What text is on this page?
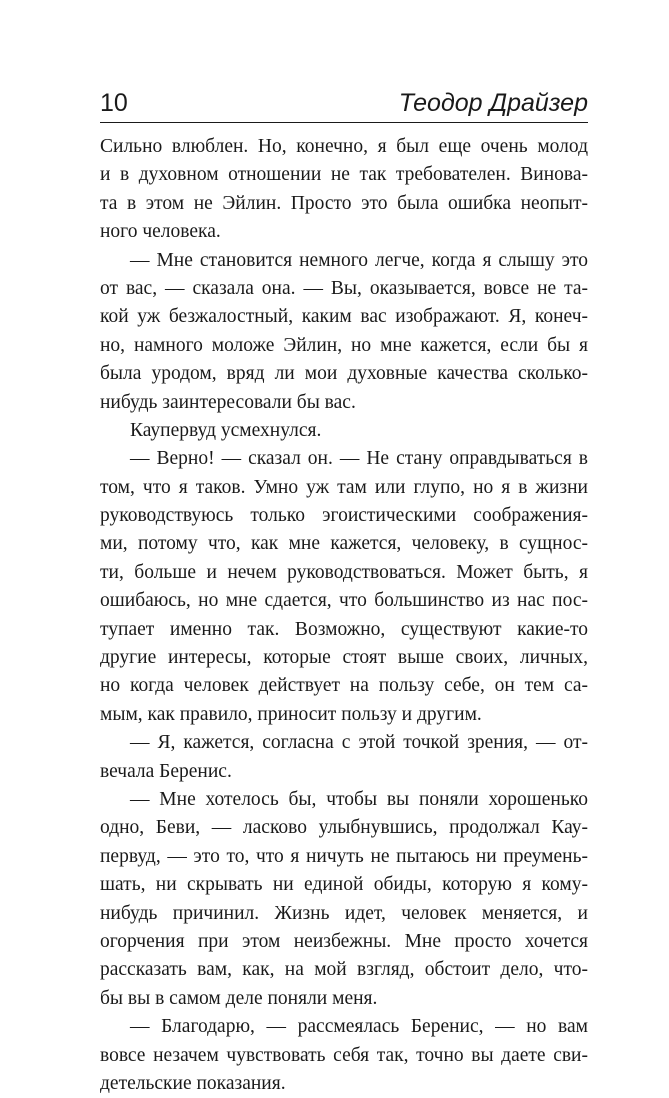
10	Теодор Драйзер
Сильно влюблен. Но, конечно, я был еще очень молод
и в духовном отношении не так требователен. Винова-
та в этом не Эйлин. Просто это была ошибка неопыт-
ного человека.
— Мне становится немного легче, когда я слышу это
от вас, — сказала она. — Вы, оказывается, вовсе не та-
кой уж безжалостный, каким вас изображают. Я, конеч-
но, намного моложе Эйлин, но мне кажется, если бы я
была уродом, вряд ли мои духовные качества сколько-
нибудь заинтересовали бы вас.
Каупервуд усмехнулся.
— Верно! — сказал он. — Не стану оправдываться в
том, что я таков. Умно уж там или глупо, но я в жизни
руководствуюсь только эгоистическими соображения-
ми, потому что, как мне кажется, человеку, в сущнос-
ти, больше и нечем руководствоваться. Может быть, я
ошибаюсь, но мне сдается, что большинство из нас пос-
тупает именно так. Возможно, существуют какие-то
другие интересы, которые стоят выше своих, личных,
но когда человек действует на пользу себе, он тем са-
мым, как правило, приносит пользу и другим.
— Я, кажется, согласна с этой точкой зрения, — от-
вечала Беренис.
— Мне хотелось бы, чтобы вы поняли хорошенько
одно, Беви, — ласково улыбнувшись, продолжал Кау-
первуд, — это то, что я ничуть не пытаюсь ни преумень-
шать, ни скрывать ни единой обиды, которую я кому-
нибудь причинил. Жизнь идет, человек меняется, и
огорчения при этом неизбежны. Мне просто хочется
рассказать вам, как, на мой взгляд, обстоит дело, что-
бы вы в самом деле поняли меня.
— Благодарю, — рассмеялась Беренис, — но вам
вовсе незачем чувствовать себя так, точно вы даете сви-
детельские показания.
